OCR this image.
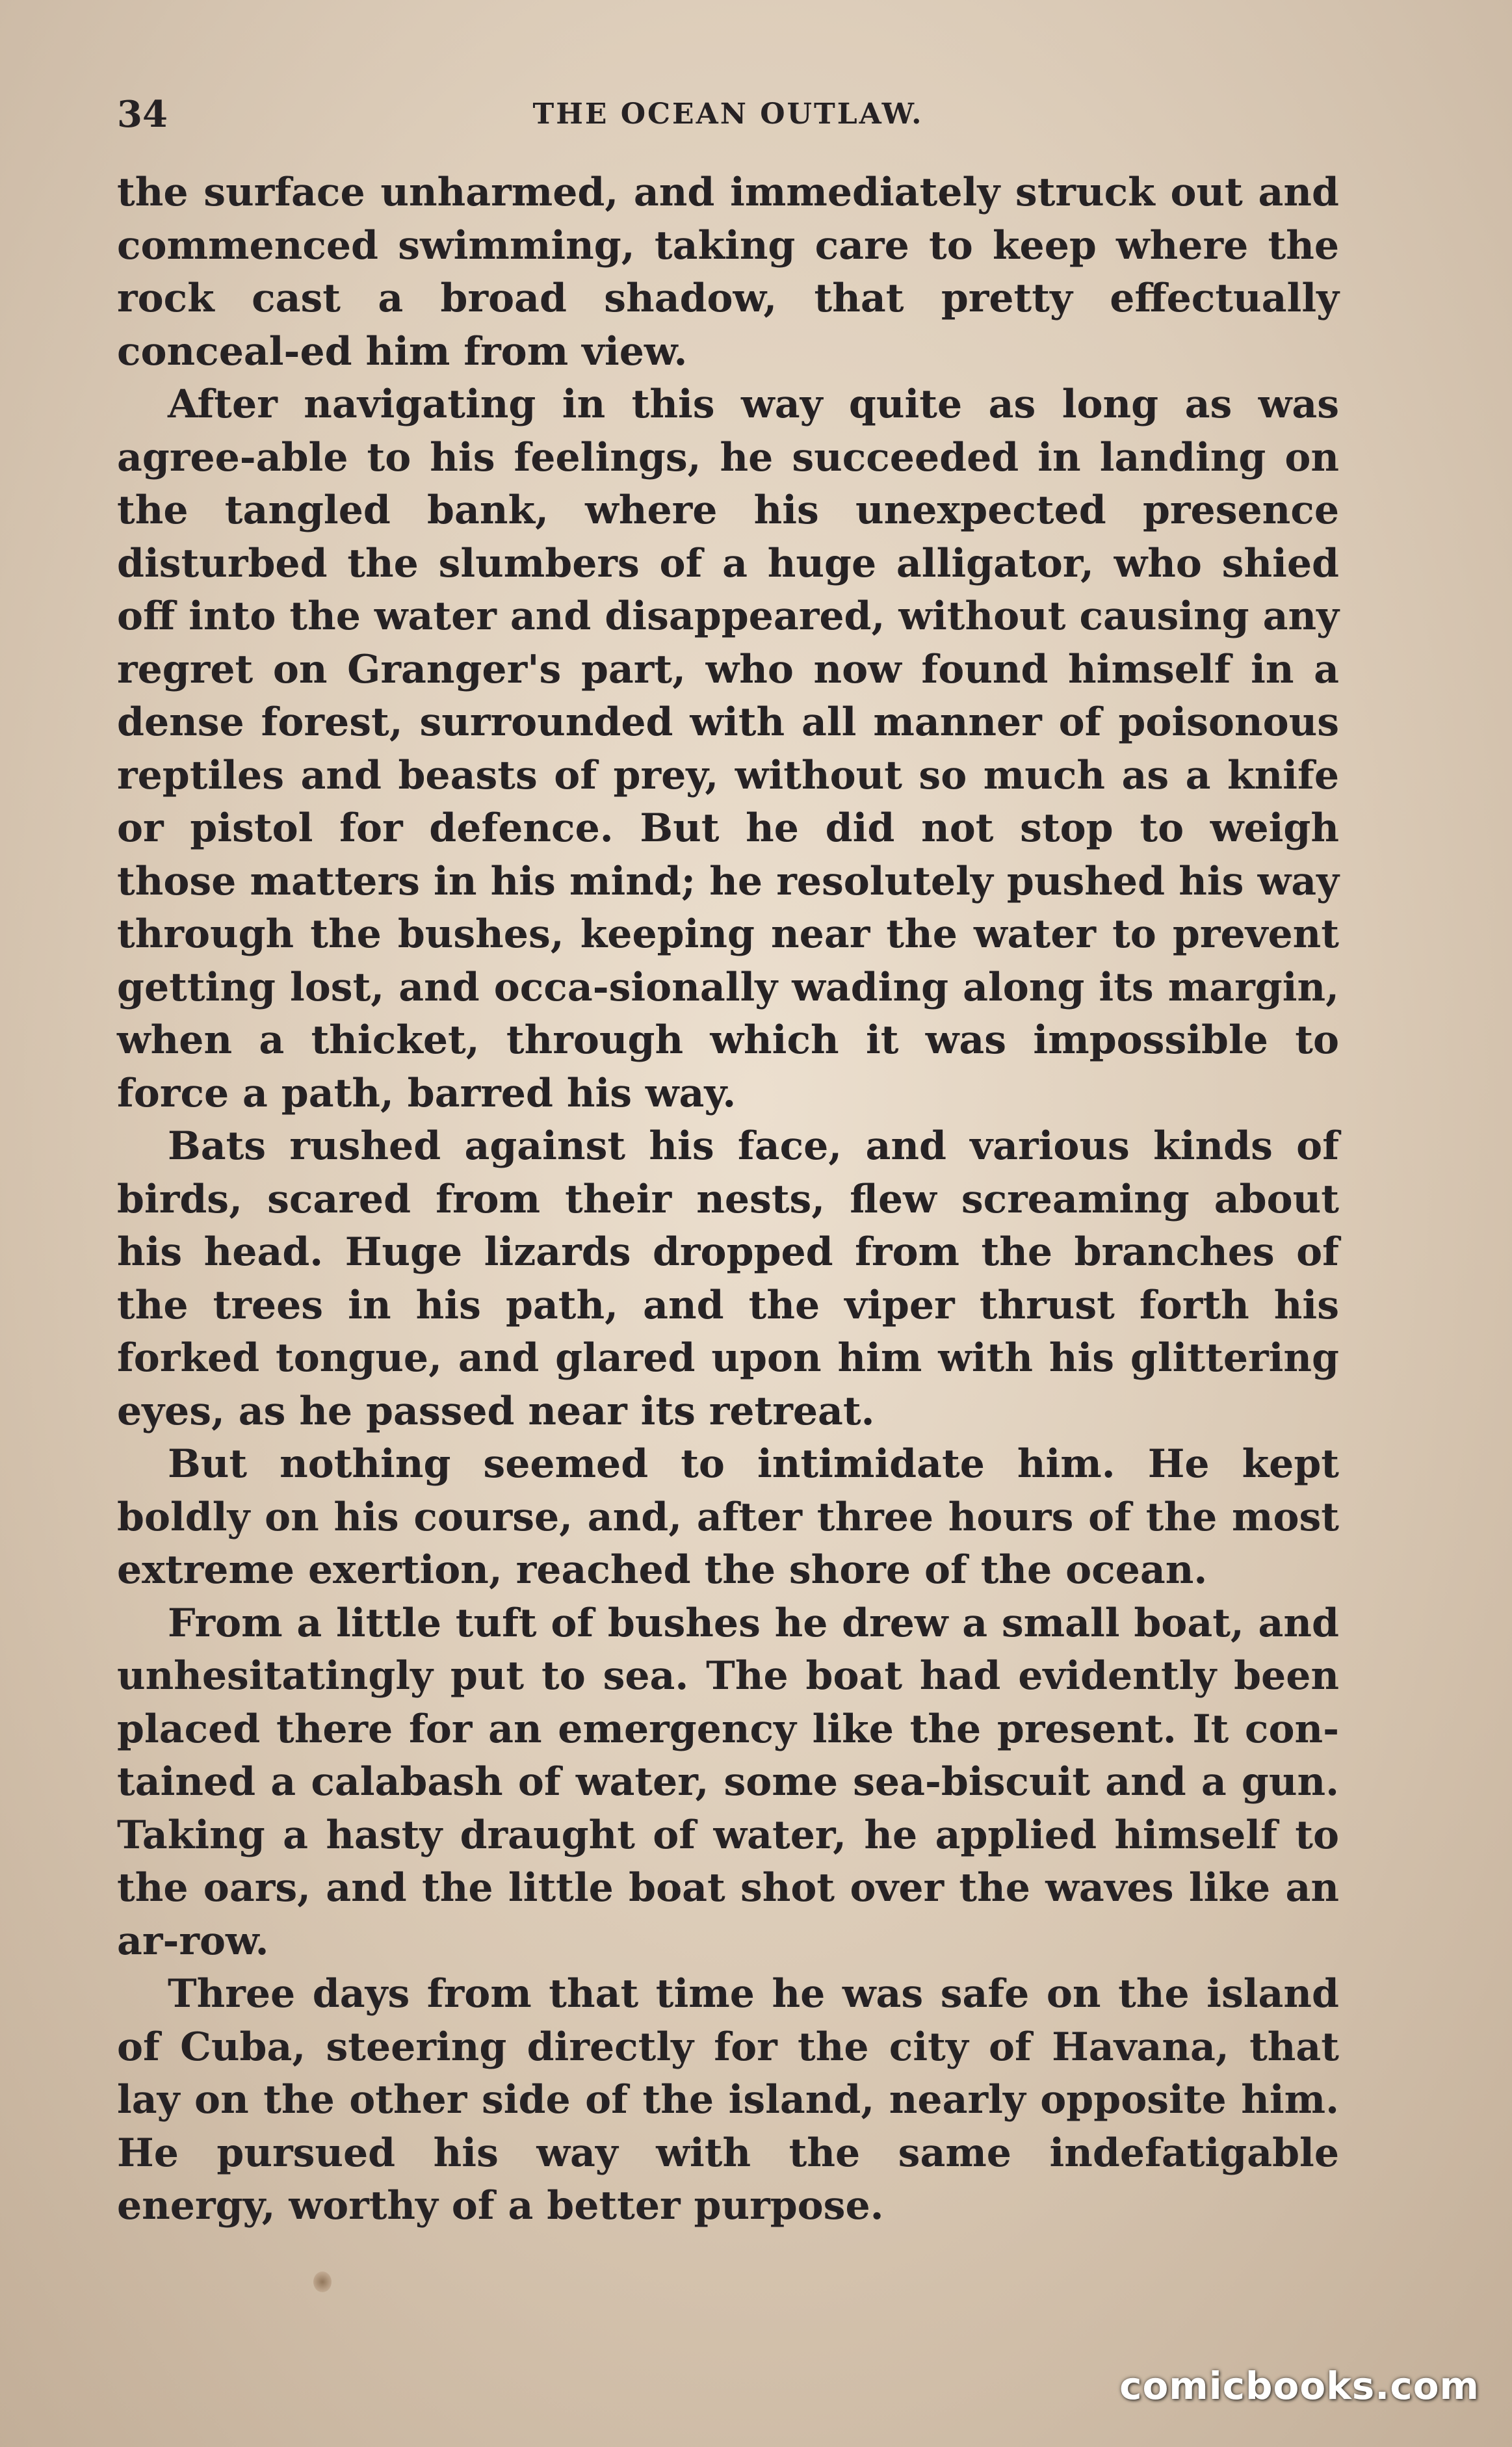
34	THE OCEAN OUTLAW.

the surface unharmed, and immediately struck out and commenced swimming, taking care to keep where the rock cast a broad shadow, that pretty effectually conceal-ed him from view.

After navigating in this way quite as long as was agree-able to his feelings, he succeeded in landing on the tangled bank, where his unexpected presence disturbed the slumbers of a huge alligator, who shied off into the water and disappeared, without causing any regret on Granger's part, who now found himself in a dense forest, surrounded with all manner of poisonous reptiles and beasts of prey, without so much as a knife or pistol for defence. But he did not stop to weigh those matters in his mind; he resolutely pushed his way through the bushes, keeping near the water to prevent getting lost, and occa-sionally wading along its margin, when a thicket, through which it was impossible to force a path, barred his way.

Bats rushed against his face, and various kinds of birds, scared from their nests, flew screaming about his head. Huge lizards dropped from the branches of the trees in his path, and the viper thrust forth his forked tongue, and glared upon him with his glittering eyes, as he passed near its retreat.

But nothing seemed to intimidate him. He kept boldly on his course, and, after three hours of the most extreme exertion, reached the shore of the ocean.

From a little tuft of bushes he drew a small boat, and unhesitatingly put to sea. The boat had evidently been placed there for an emergency like the present. It con-tained a calabash of water, some sea-biscuit and a gun. Taking a hasty draught of water, he applied himself to the oars, and the little boat shot over the waves like an ar-row.

Three days from that time he was safe on the island of Cuba, steering directly for the city of Havana, that lay on the other side of the island, nearly opposite him. He pursued his way with the same indefatigable energy, worthy of a better purpose.

comicbooks.com
